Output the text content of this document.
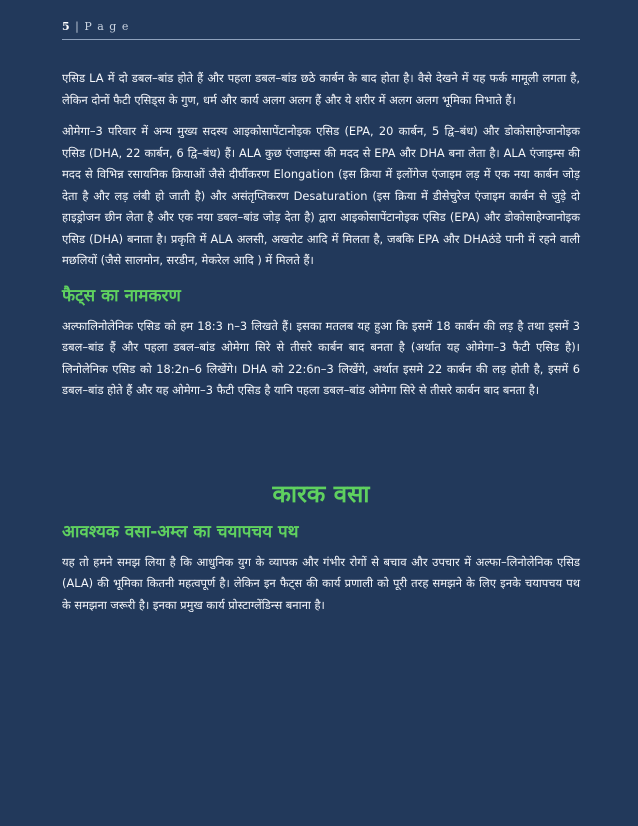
5 | P a g e

एसिड LA में दो डबल–बांड होते हैं और पहला डबल–बांड छठे कार्बन के बाद होता है। वैसे देखने में यह फर्क मामूली लगता है, लेकिन दोनों फैटी एसिड्स के गुण, धर्म और कार्य अलग अलग हैं और ये शरीर में अलग अलग भूमिका निभाते हैं।

ओमेगा–3 परिवार में अन्य मुख्य सदस्य आइकोसापेंटानोइक एसिड (EPA, 20 कार्बन, 5 द्वि–बंध) और डोकोसाहेग्जानोइक एसिड (DHA, 22 कार्बन, 6 द्वि–बंध) हैं। ALA कुछ एंजाइम्स की मदद से EPA और DHA बना लेता है। ALA एंजाइम्स की मदद से विभिन्न रसायनिक क्रियाओं जैसे दीर्घीकरण Elongation (इस क्रिया में इलोंगेज एंजाइम लड़ में एक नया कार्बन जोड़ देता है और लड़ लंबी हो जाती है) और असंतृप्तिकरण Desaturation (इस क्रिया में डीसेचुरेज एंजाइम कार्बन से जुड़े दो हाइड्रोजन छीन लेता है और एक नया डबल–बांड जोड़ देता है) द्वारा आइकोसापेंटानोइक एसिड (EPA) और डोकोसाहेग्जानोइक एसिड (DHA) बनाता है। प्रकृति में ALA अलसी, अखरोट आदि में मिलता है, जबकि EPA और DHAठंडे पानी में रहने वाली मछलियों (जैसे सालमोन, सरडीन, मेकरेल आदि ) में मिलते हैं।

फैट्स का नामकरण

अल्फालिनोलेनिक एसिड को हम 18:3 n–3 लिखते हैं। इसका मतलब यह हुआ कि इसमें 18 कार्बन की लड़ है तथा इसमें 3 डबल–बांड हैं और पहला डबल–बांड ओमेगा सिरे से तीसरे कार्बन बाद बनता है (अर्थात यह ओमेगा–3 फैटी एसिड है)। लिनोलेनिक एसिड को 18:2n–6 लिखेंगे। DHA को 22:6n–3 लिखेंगे, अर्थात इसमे 22 कार्बन की लड़ होती है, इसमें 6 डबल–बांड होते हैं और यह ओमेगा–3 फैटी एसिड है यानि पहला डबल–बांड ओमेगा सिरे से तीसरे कार्बन बाद बनता है।

कारक वसा
आवश्यक वसा-अम्ल का चयापचय पथ

यह तो हमने समझ लिया है कि आधुनिक युग के व्यापक और गंभीर रोगों से बचाव और उपचार में अल्फा–लिनोलेनिक एसिड (ALA) की भूमिका कितनी महत्वपूर्ण है। लेकिन इन फैट्स की कार्य प्रणाली को पूरी तरह समझने के लिए इनके चयापचय पथ के समझना जरूरी है। इनका प्रमुख कार्य प्रोस्टाग्लेंडिन्स बनाना है।
